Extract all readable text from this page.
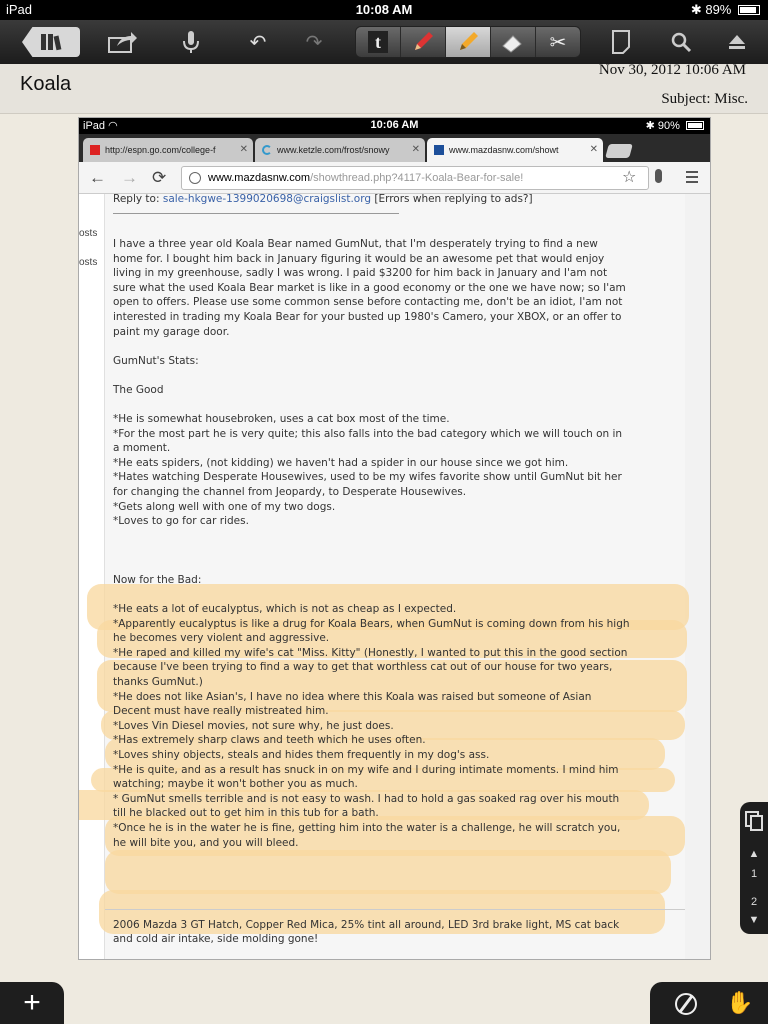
iPad	10:08 AM	✱ 89%
↶ ↷	t	✂
Koala
Nov 30, 2012 10:06 AM
Subject: Misc.
iPad ◠	10:06 AM	✱ 90%
http://espn.go.com/college-f ✕	www.ketzle.com/frost/snowy ✕	www.mazdasnw.com/showt	✕
← → ⟳	www.mazdasnw.com/showthread.php?4117-Koala-Bear-for-sale!	☆
osts
osts
Reply to: sale-hkgwe-1399020698@craigslist.org [Errors when replying to ads?]
I have a three year old Koala Bear named GumNut, that I'm desperately trying to find a new
home for. I bought him back in January figuring it would be an awesome pet that would enjoy
living in my greenhouse, sadly I was wrong. I paid $3200 for him back in January and I'am not
sure what the used Koala Bear market is like in a good economy or the one we have now; so I'am
open to offers. Please use some common sense before contacting me, don't be an idiot, I'am not
interested in trading my Koala Bear for your busted up 1980's Camero, your XBOX, or an offer to
paint my garage door.
GumNut's Stats:
The Good
*He is somewhat housebroken, uses a cat box most of the time.
*For the most part he is very quite; this also falls into the bad category which we will touch on in
a moment.
*He eats spiders, (not kidding) we haven't had a spider in our house since we got him.
*Hates watching Desperate Housewives, used to be my wifes favorite show until GumNut bit her
for changing the channel from Jeopardy, to Desperate Housewives.
*Gets along well with one of my two dogs.
*Loves to go for car rides.
Now for the Bad:
*He eats a lot of eucalyptus, which is not as cheap as I expected.
*Apparently eucalyptus is like a drug for Koala Bears, when GumNut is coming down from his high
he becomes very violent and aggressive.
*He raped and killed my wife's cat "Miss. Kitty" (Honestly, I wanted to put this in the good section
because I've been trying to find a way to get that worthless cat out of our house for two years,
thanks GumNut.)
*He does not like Asian's, I have no idea where this Koala was raised but someone of Asian
Decent must have really mistreated him.
*Loves Vin Diesel movies, not sure why, he just does.
*Has extremely sharp claws and teeth which he uses often.
*Loves shiny objects, steals and hides them frequently in my dog's ass.
*He is quite, and as a result has snuck in on my wife and I during intimate moments. I mind him
watching; maybe it won't bother you as much.
* GumNut smells terrible and is not easy to wash. I had to hold a gas soaked rag over his mouth
till he blacked out to get him in this tub for a bath.
*Once he is in the water he is fine, getting him into the water is a challenge, he will scratch you,
he will bite you, and you will bleed.
2006 Mazda 3 GT Hatch, Copper Red Mica, 25% tint all around, LED 3rd brake light, MS cat back
and cold air intake, side molding gone!
▲
1
2
▼
+	✋
